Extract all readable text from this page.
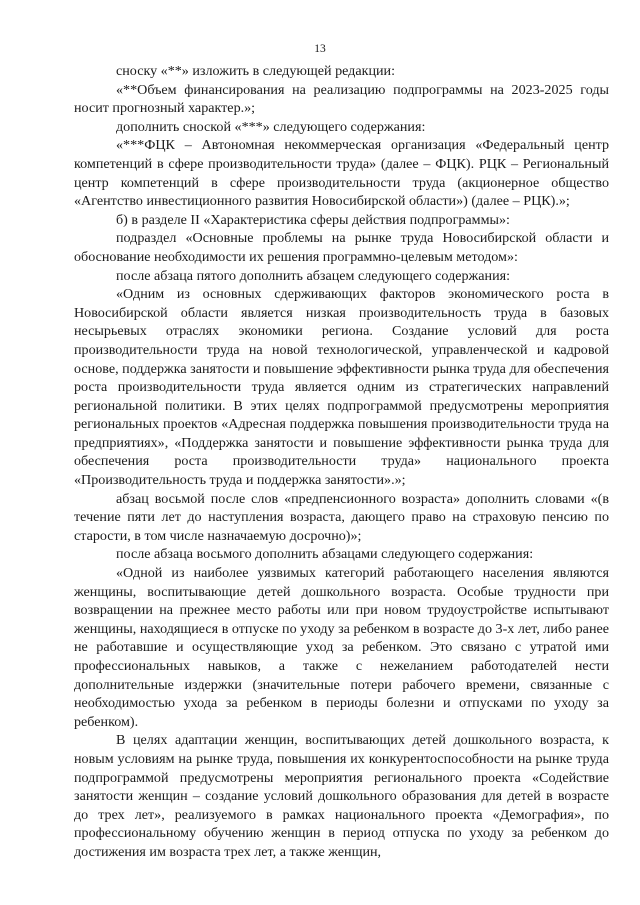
13

сноску «**» изложить в следующей редакции:

«**Объем финансирования на реализацию подпрограммы на 2023-2025 годы носит прогнозный характер.»;

дополнить сноской «***» следующего содержания:

«***ФЦК – Автономная некоммерческая организация «Федеральный центр компетенций в сфере производительности труда» (далее – ФЦК). РЦК – Региональный центр компетенций в сфере производительности труда (акционерное общество «Агентство инвестиционного развития Новосибирской области») (далее – РЦК).»;

б) в разделе II «Характеристика сферы действия подпрограммы»:

подраздел «Основные проблемы на рынке труда Новосибирской области и обоснование необходимости их решения программно-целевым методом»:

после абзаца пятого дополнить абзацем следующего содержания:

«Одним из основных сдерживающих факторов экономического роста в Новосибирской области является низкая производительность труда в базовых несырьевых отраслях экономики региона. Создание условий для роста производительности труда на новой технологической, управленческой и кадровой основе, поддержка занятости и повышение эффективности рынка труда для обеспечения роста производительности труда является одним из стратегических направлений региональной политики. В этих целях подпрограммой предусмотрены мероприятия региональных проектов «Адресная поддержка повышения производительности труда на предприятиях», «Поддержка занятости и повышение эффективности рынка труда для обеспечения роста производительности труда» национального проекта «Производительность труда и поддержка занятости».»;

абзац восьмой после слов «предпенсионного возраста» дополнить словами «(в течение пяти лет до наступления возраста, дающего право на страховую пенсию по старости, в том числе назначаемую досрочно)»;

после абзаца восьмого дополнить абзацами следующего содержания:

«Одной из наиболее уязвимых категорий работающего населения являются женщины, воспитывающие детей дошкольного возраста. Особые трудности при возвращении на прежнее место работы или при новом трудоустройстве испытывают женщины, находящиеся в отпуске по уходу за ребенком в возрасте до 3-х лет, либо ранее не работавшие и осуществляющие уход за ребенком. Это связано с утратой ими профессиональных навыков, а также с нежеланием работодателей нести дополнительные издержки (значительные потери рабочего времени, связанные с необходимостью ухода за ребенком в периоды болезни и отпусками по уходу за ребенком).

В целях адаптации женщин, воспитывающих детей дошкольного возраста, к новым условиям на рынке труда, повышения их конкурентоспособности на рынке труда подпрограммой предусмотрены мероприятия регионального проекта «Содействие занятости женщин – создание условий дошкольного образования для детей в возрасте до трех лет», реализуемого в рамках национального проекта «Демография», по профессиональному обучению женщин в период отпуска по уходу за ребенком до достижения им возраста трех лет, а также женщин,
